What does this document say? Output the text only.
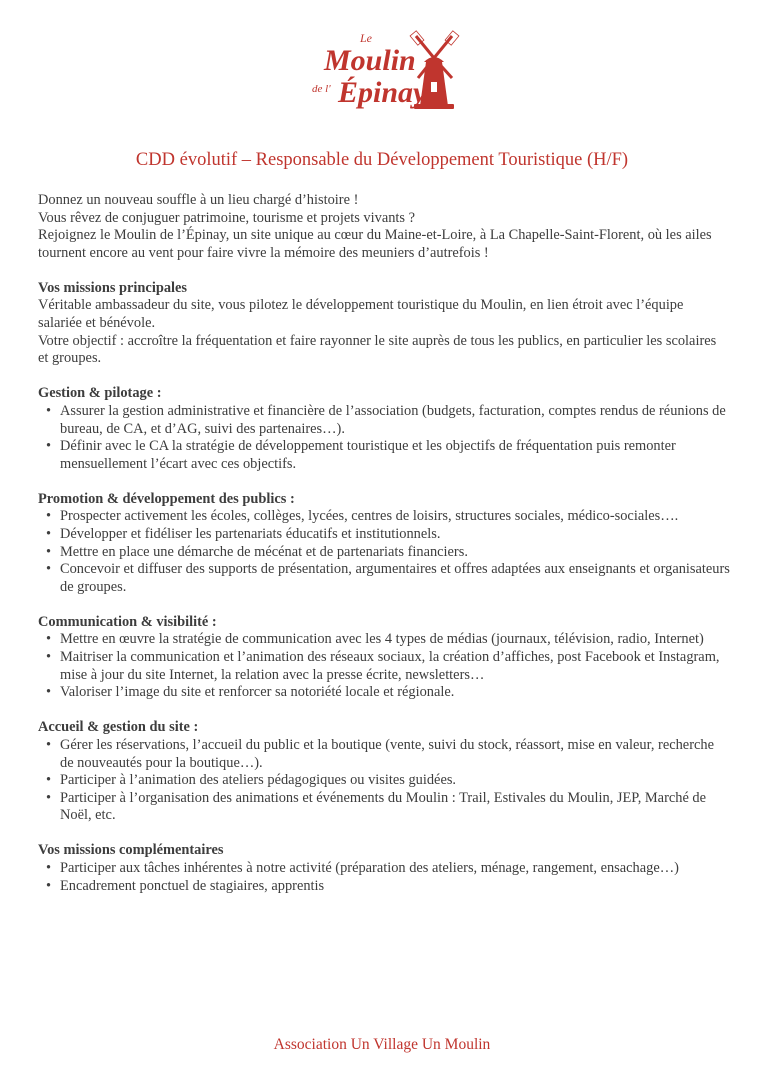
Le
Moulin
de l' Épinay
CDD évolutif – Responsable du Développement Touristique (H/F)

Donnez un nouveau souffle à un lieu chargé d’histoire !

Vous rêvez de conjuguer patrimoine, tourisme et projets vivants ?

Rejoignez le Moulin de l’Épinay, un site unique au cœur du Maine-et-Loire, à La Chapelle-Saint-Florent, où les ailes tournent encore au vent pour faire vivre la mémoire des meuniers d’autrefois !

Vos missions principales

Véritable ambassadeur du site, vous pilotez le développement touristique du Moulin, en lien étroit avec l’équipe salariée et bénévole.

Votre objectif : accroître la fréquentation et faire rayonner le site auprès de tous les publics, en particulier les scolaires et groupes.

Gestion & pilotage :

• Assurer la gestion administrative et financière de l’association (budgets, facturation, comptes rendus de réunions de bureau, de CA, et d’AG, suivi des partenaires…).
• Définir avec le CA la stratégie de développement touristique et les objectifs de fréquentation puis remonter mensuellement l’écart avec ces objectifs.

Promotion & développement des publics :

• Prospecter activement les écoles, collèges, lycées, centres de loisirs, structures sociales, médico-sociales….
• Développer et fidéliser les partenariats éducatifs et institutionnels.
• Mettre en place une démarche de mécénat et de partenariats financiers.
• Concevoir et diffuser des supports de présentation, argumentaires et offres adaptées aux enseignants et organisateurs de groupes.

Communication & visibilité :

• Mettre en œuvre la stratégie de communication avec les 4 types de médias (journaux, télévision, radio, Internet)
• Maitriser la communication et l’animation des réseaux sociaux, la création d’affiches, post Facebook et Instagram, mise à jour du site Internet, la relation avec la presse écrite, newsletters…
• Valoriser l’image du site et renforcer sa notoriété locale et régionale.

Accueil & gestion du site :

• Gérer les réservations, l’accueil du public et la boutique (vente, suivi du stock, réassort, mise en valeur, recherche de nouveautés pour la boutique…).
• Participer à l’animation des ateliers pédagogiques ou visites guidées.
• Participer à l’organisation des animations et événements du Moulin : Trail, Estivales du Moulin, JEP, Marché de Noël, etc.

Vos missions complémentaires

• Participer aux tâches inhérentes à notre activité (préparation des ateliers, ménage, rangement, ensachage…)
• Encadrement ponctuel de stagiaires, apprentis
Association Un Village Un Moulin
